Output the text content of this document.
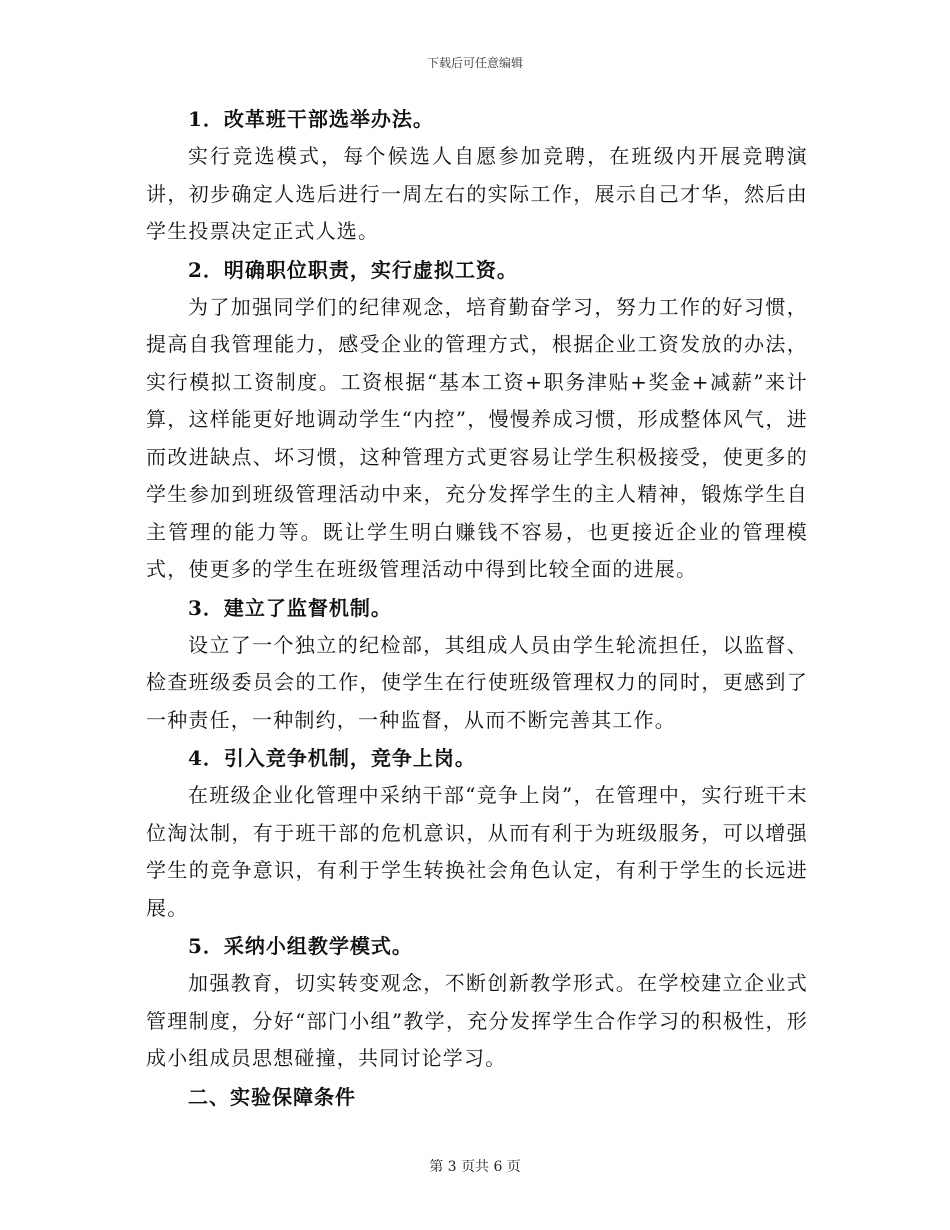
下载后可任意编辑

1．改革班干部选举办法。

实行竞选模式，每个候选人自愿参加竞聘，在班级内开展竞聘演讲，初步确定人选后进行一周左右的实际工作，展示自己才华，然后由学生投票决定正式人选。

2．明确职位职责，实行虚拟工资。

为了加强同学们的纪律观念，培育勤奋学习，努力工作的好习惯，提高自我管理能力，感受企业的管理方式，根据企业工资发放的办法，实行模拟工资制度。工资根据“基本工资+职务津贴+奖金+减薪”来计算，这样能更好地调动学生“内控”，慢慢养成习惯，形成整体风气，进而改进缺点、坏习惯，这种管理方式更容易让学生积极接受，使更多的学生参加到班级管理活动中来，充分发挥学生的主人精神，锻炼学生自主管理的能力等。既让学生明白赚钱不容易，也更接近企业的管理模式，使更多的学生在班级管理活动中得到比较全面的进展。

3．建立了监督机制。

设立了一个独立的纪检部，其组成人员由学生轮流担任，以监督、检查班级委员会的工作，使学生在行使班级管理权力的同时，更感到了一种责任，一种制约，一种监督，从而不断完善其工作。

4．引入竞争机制，竞争上岗。

在班级企业化管理中采纳干部“竞争上岗”，在管理中，实行班干末位淘汰制，有于班干部的危机意识，从而有利于为班级服务，可以增强学生的竞争意识，有利于学生转换社会角色认定，有利于学生的长远进展。

5．采纳小组教学模式。

加强教育，切实转变观念，不断创新教学形式。在学校建立企业式管理制度，分好“部门小组”教学，充分发挥学生合作学习的积极性，形成小组成员思想碰撞，共同讨论学习。

二、实验保障条件

第 3 页共 6 页
